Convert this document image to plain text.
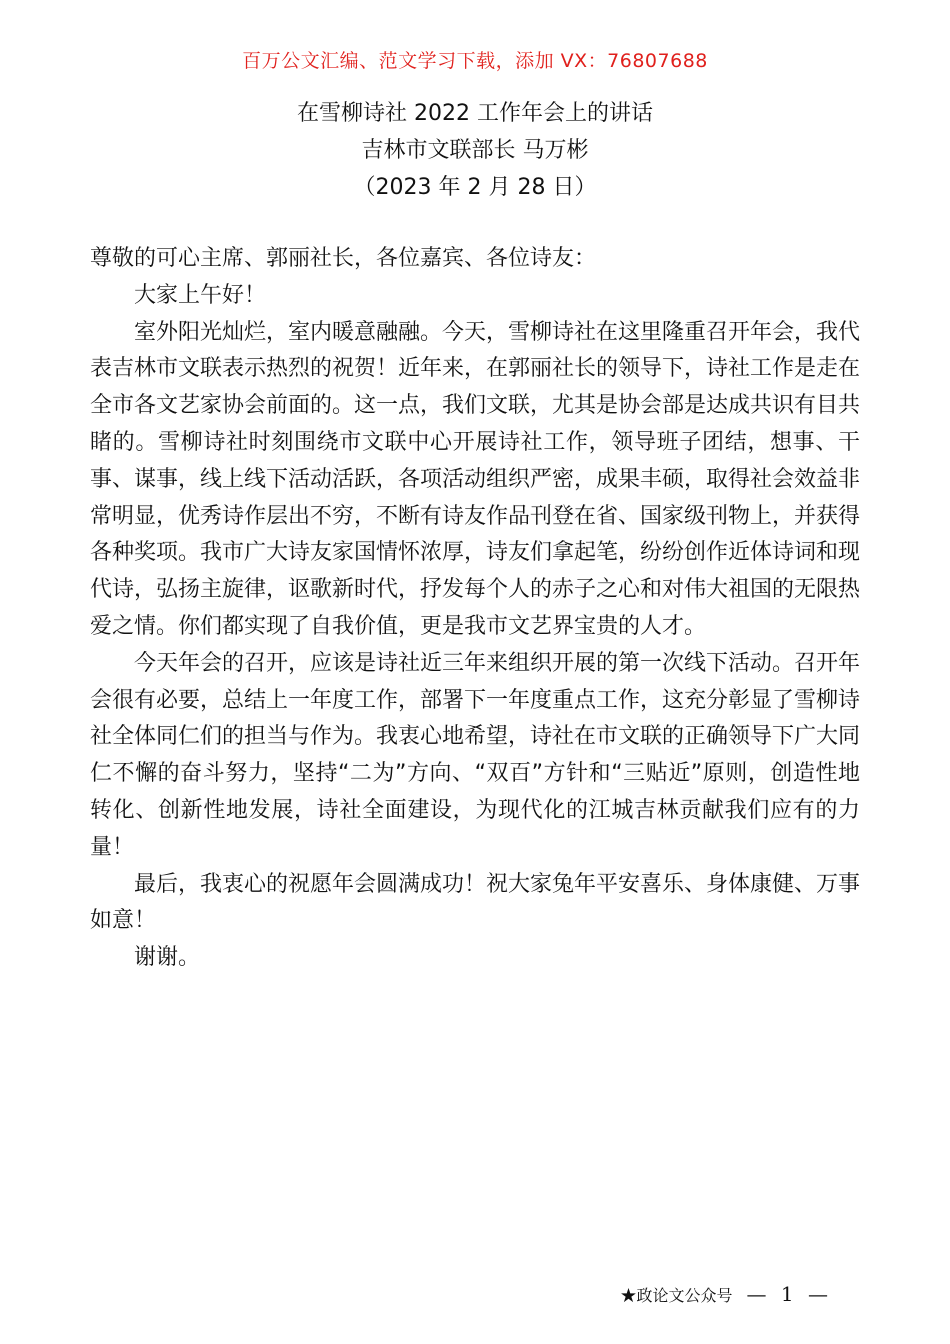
百万公文汇编、范文学习下载，添加 VX：76807688
在雪柳诗社 2022 工作年会上的讲话
吉林市文联部长 马万彬
（2023 年 2 月 28 日）

尊敬的可心主席、郭丽社长，各位嘉宾、各位诗友：

大家上午好！

室外阳光灿烂，室内暖意融融。今天，雪柳诗社在这里隆重召开年会，我代表吉林市文联表示热烈的祝贺！近年来，在郭丽社长的领导下，诗社工作是走在全市各文艺家协会前面的。这一点，我们文联，尤其是协会部是达成共识有目共睹的。雪柳诗社时刻围绕市文联中心开展诗社工作，领导班子团结，想事、干事、谋事，线上线下活动活跃，各项活动组织严密，成果丰硕，取得社会效益非常明显，优秀诗作层出不穷，不断有诗友作品刊登在省、国家级刊物上，并获得各种奖项。我市广大诗友家国情怀浓厚，诗友们拿起笔，纷纷创作近体诗词和现代诗，弘扬主旋律，讴歌新时代，抒发每个人的赤子之心和对伟大祖国的无限热爱之情。你们都实现了自我价值，更是我市文艺界宝贵的人才。

今天年会的召开，应该是诗社近三年来组织开展的第一次线下活动。召开年会很有必要，总结上一年度工作，部署下一年度重点工作，这充分彰显了雪柳诗社全体同仁们的担当与作为。我衷心地希望，诗社在市文联的正确领导下广大同仁不懈的奋斗努力，坚持“二为”方向、“双百”方针和“三贴近”原则，创造性地转化、创新性地发展，诗社全面建设，为现代化的江城吉林贡献我们应有的力量！

最后，我衷心的祝愿年会圆满成功！祝大家兔年平安喜乐、身体康健、万事如意！

谢谢。

★政论文公众号 — 1 —
